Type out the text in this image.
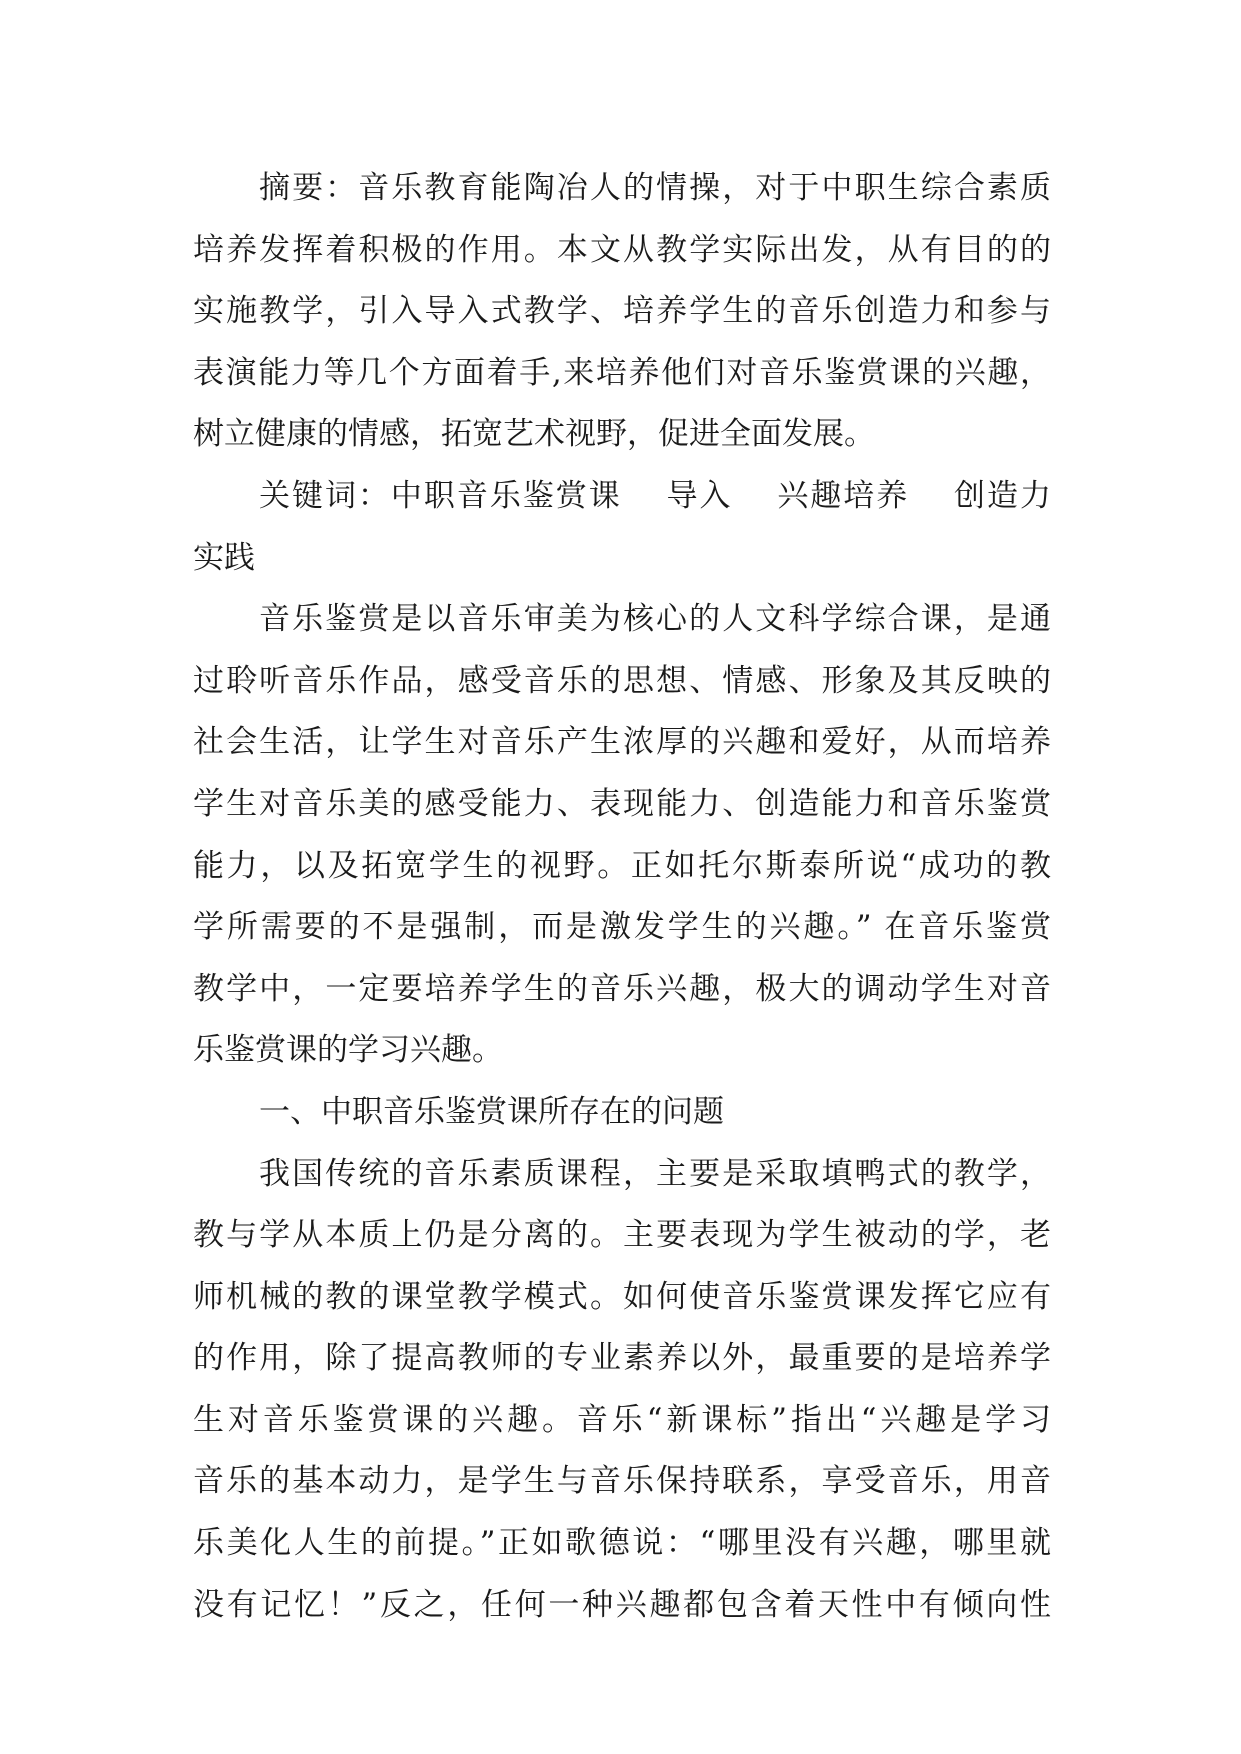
摘要：音乐教育能陶冶人的情操，对于中职生综合素质
培养发挥着积极的作用。本文从教学实际出发，从有目的的
实施教学，引入导入式教学、培养学生的音乐创造力和参与
表演能力等几个方面着手,来培养他们对音乐鉴赏课的兴趣，
树立健康的情感，拓宽艺术视野，促进全面发展。
关键词：中职音乐鉴赏课　 导入　 兴趣培养　 创造力
实践
音乐鉴赏是以音乐审美为核心的人文科学综合课，是通
过聆听音乐作品，感受音乐的思想、情感、形象及其反映的
社会生活，让学生对音乐产生浓厚的兴趣和爱好，从而培养
学生对音乐美的感受能力、表现能力、创造能力和音乐鉴赏
能力，以及拓宽学生的视野。正如托尔斯泰所说“成功的教
学所需要的不是强制，而是激发学生的兴趣。” 在音乐鉴赏
教学中，一定要培养学生的音乐兴趣，极大的调动学生对音
乐鉴赏课的学习兴趣。
一、中职音乐鉴赏课所存在的问题
我国传统的音乐素质课程，主要是采取填鸭式的教学，
教与学从本质上仍是分离的。主要表现为学生被动的学，老
师机械的教的课堂教学模式。如何使音乐鉴赏课发挥它应有
的作用，除了提高教师的专业素养以外，最重要的是培养学
生对音乐鉴赏课的兴趣。音乐“新课标”指出“兴趣是学习
音乐的基本动力，是学生与音乐保持联系，享受音乐，用音
乐美化人生的前提。”正如歌德说：“哪里没有兴趣，哪里就
没有记忆！”反之，任何一种兴趣都包含着天性中有倾向性
